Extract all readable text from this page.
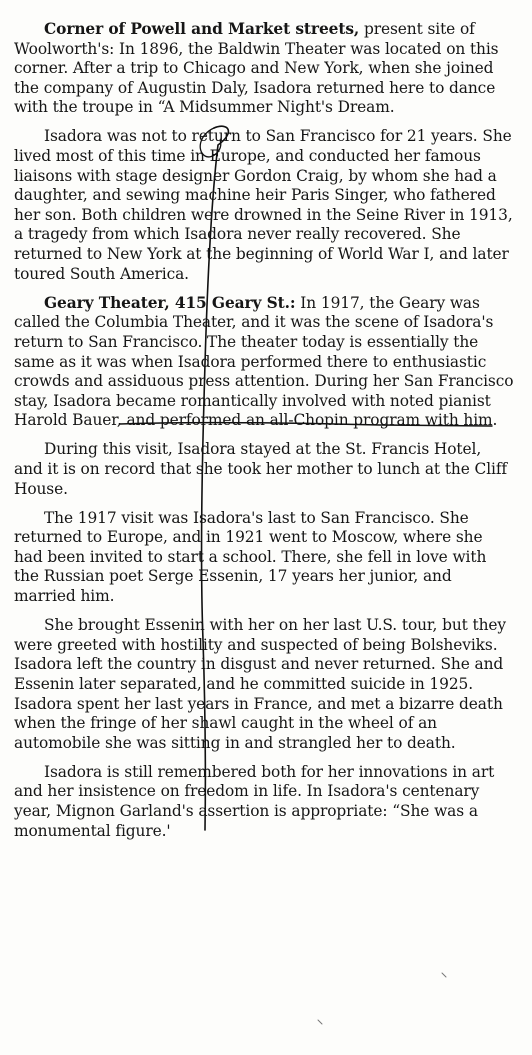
Corner of Powell and Market streets, present site of Woolworth's: In 1896, the Baldwin Theater was located on this corner. After a trip to Chicago and New York, when she joined the company of Augustin Daly, Isadora returned here to dance with the troupe in “A Midsummer Night's Dream.

Isadora was not to return to San Francisco for 21 years. She lived most of this time in Europe, and conducted her famous liaisons with stage designer Gordon Craig, by whom she had a daughter, and sewing machine heir Paris Singer, who fathered her son. Both children were drowned in the Seine River in 1913, a tragedy from which Isadora never really recovered. She returned to New York at the beginning of World War I, and later toured South America.

Geary Theater, 415 Geary St.: In 1917, the Geary was called the Columbia Theater, and it was the scene of Isadora's return to San Francisco. The theater today is essentially the same as it was when Isadora performed there to enthusiastic crowds and assiduous press attention. During her San Francisco stay, Isadora became romantically involved with noted pianist Harold Bauer, and performed an all-Chopin program with him.

During this visit, Isadora stayed at the St. Francis Hotel, and it is on record that she took her mother to lunch at the Cliff House.

The 1917 visit was Isadora's last to San Francisco. She returned to Europe, and in 1921 went to Moscow, where she had been invited to start a school. There, she fell in love with the Russian poet Serge Essenin, 17 years her junior, and married him.

She brought Essenin with her on her last U.S. tour, but they were greeted with hostility and suspected of being Bolsheviks. Isadora left the country in disgust and never returned. She and Essenin later separated, and he committed suicide in 1925. Isadora spent her last years in France, and met a bizarre death when the fringe of her shawl caught in the wheel of an automobile she was sitting in and strangled her to death.

Isadora is still remembered both for her innovations in art and her insistence on freedom in life. In Isadora's centenary year, Mignon Garland's assertion is appropriate: “She was a monumental figure.'
